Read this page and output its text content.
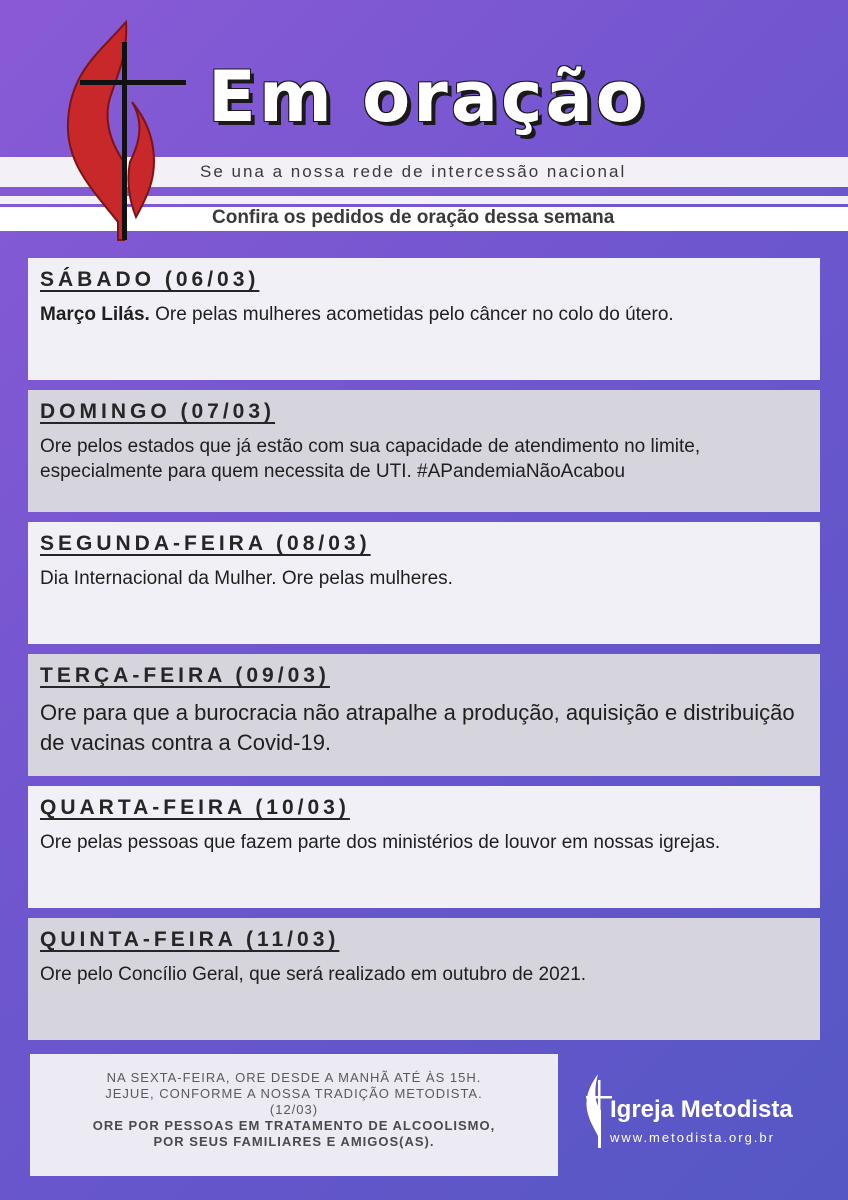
Em oração
Se una a nossa rede de intercessão nacional
Confira os pedidos de oração dessa semana
SÁBADO (06/03)
Março Lilás. Ore pelas mulheres acometidas pelo câncer no colo do útero.
DOMINGO (07/03)
Ore pelos estados que já estão com sua capacidade de atendimento no limite, especialmente para quem necessita de UTI. #APandemiaNãoAcabou
SEGUNDA-FEIRA (08/03)
Dia Internacional da Mulher. Ore pelas mulheres.
TERÇA-FEIRA (09/03)
Ore para que a burocracia não atrapalhe a produção, aquisição e distribuição de vacinas contra a Covid-19.
QUARTA-FEIRA (10/03)
Ore pelas pessoas que fazem parte dos ministérios de louvor em nossas igrejas.
QUINTA-FEIRA (11/03)
Ore pelo Concílio Geral, que será realizado em outubro de 2021.
NA SEXTA-FEIRA, ORE DESDE A MANHÃ ATÉ ÀS 15H.
JEJUE, CONFORME A NOSSA TRADIÇÃO METODISTA.
(12/03)
ORE POR PESSOAS EM TRATAMENTO DE ALCOOLISMO,
POR SEUS FAMILIARES E AMIGOS(AS).
Igreja Metodista
www.metodista.org.br
